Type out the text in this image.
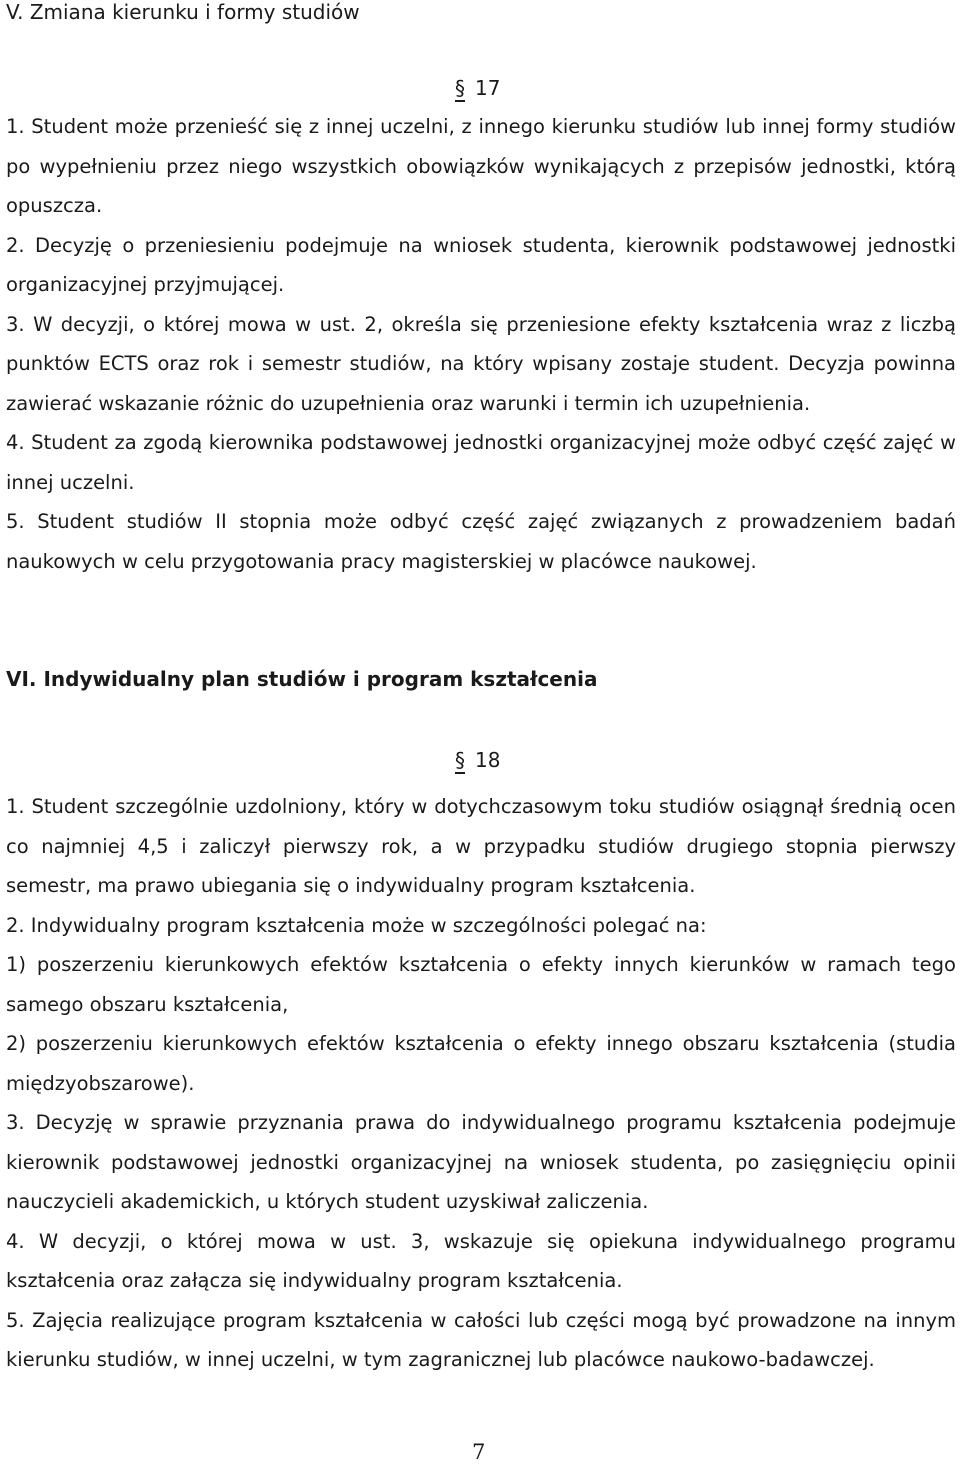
V. Zmiana kierunku i formy studiów
§ 17

1. Student może przenieść się z innej uczelni, z innego kierunku studiów lub innej formy studiów po wypełnieniu przez niego wszystkich obowiązków wynikających z przepisów jednostki, którą opuszcza.

2. Decyzję o przeniesieniu podejmuje na wniosek studenta, kierownik podstawowej jednostki organizacyjnej przyjmującej.

3. W decyzji, o której mowa w ust. 2, określa się przeniesione efekty kształcenia wraz z liczbą punktów ECTS oraz rok i semestr studiów, na który wpisany zostaje student. Decyzja powinna zawierać wskazanie różnic do uzupełnienia oraz warunki i termin ich uzupełnienia.

4. Student za zgodą kierownika podstawowej jednostki organizacyjnej może odbyć część zajęć w innej uczelni.

5. Student studiów II stopnia może odbyć część zajęć związanych z prowadzeniem badań naukowych w celu przygotowania pracy magisterskiej w placówce naukowej.

VI. Indywidualny plan studiów i program kształcenia
§ 18

1. Student szczególnie uzdolniony, który w dotychczasowym toku studiów osiągnął średnią ocen co najmniej 4,5 i zaliczył pierwszy rok, a w przypadku studiów drugiego stopnia pierwszy semestr, ma prawo ubiegania się o indywidualny program kształcenia.

2. Indywidualny program kształcenia może w szczególności polegać na:

1) poszerzeniu kierunkowych efektów kształcenia o efekty innych kierunków w ramach tego samego obszaru kształcenia,

2) poszerzeniu kierunkowych efektów kształcenia o efekty innego obszaru kształcenia (studia międzyobszarowe).

3. Decyzję w sprawie przyznania prawa do indywidualnego programu kształcenia podejmuje kierownik podstawowej jednostki organizacyjnej na wniosek studenta, po zasięgnięciu opinii nauczycieli akademickich, u których student uzyskiwał zaliczenia.

4. W decyzji, o której mowa w ust. 3, wskazuje się opiekuna indywidualnego programu kształcenia oraz załącza się indywidualny program kształcenia.

5. Zajęcia realizujące program kształcenia w całości lub części mogą być prowadzone na innym kierunku studiów, w innej uczelni, w tym zagranicznej lub placówce naukowo-badawczej.

7
